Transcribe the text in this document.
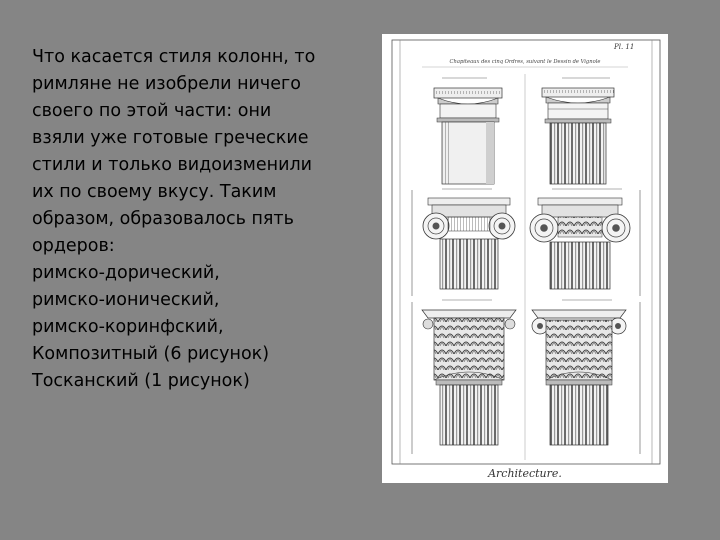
Что касается стиля колонн, то
римляне не изобрели ничего
своего по этой части: они
взяли уже готовые греческие
стили и только видоизменили
их по своему вкусу. Таким
образом, образовалось пять
ордеров:
римско-дорический,
римско-ионический,
римско-коринфский,
Композитный (6 рисунок)
Тосканский (1 рисунок)
Pl. 11
Chapiteaux des cinq Ordres, suivant le Dessin de Vignole
Architecture.
